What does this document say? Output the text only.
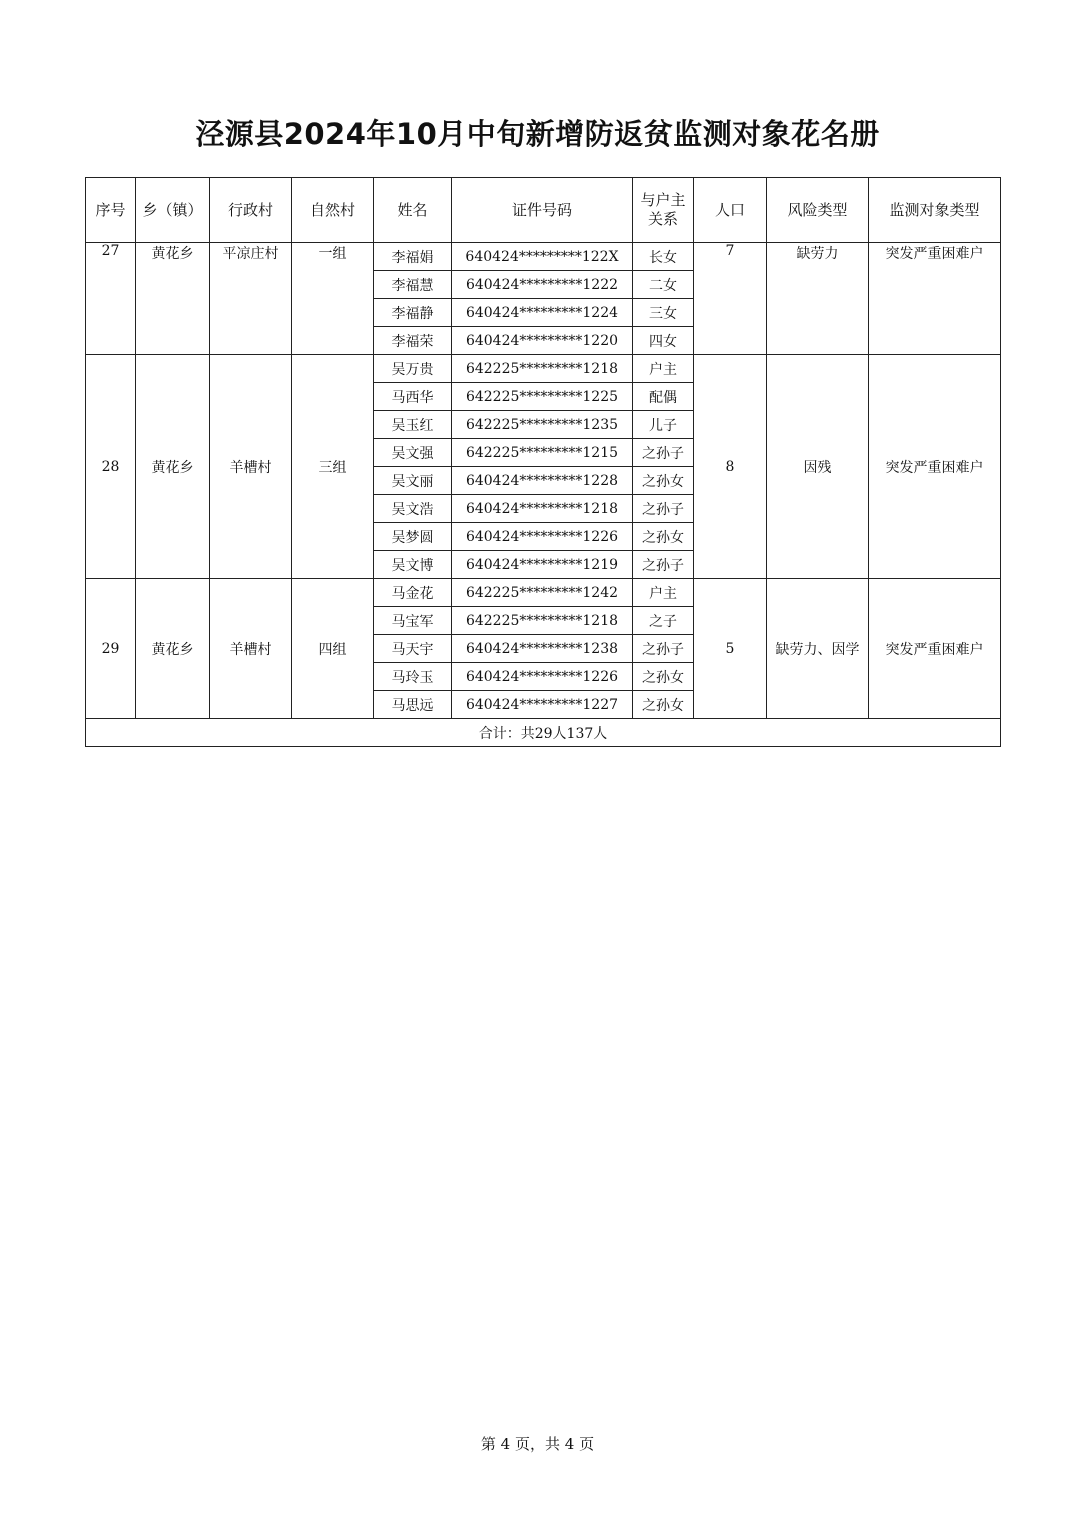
泾源县2024年10月中旬新增防返贫监测对象花名册
序号	乡（镇）	行政村	自然村	姓名	证件号码	与户主
关系	人口	风险类型	监测对象类型
27	黄花乡	平凉庄村	一组	李福娟	640424*********122X	长女	7	缺劳力	突发严重困难户
				李福慧	640424*********1222	二女			
				李福静	640424*********1224	三女			
				李福荣	640424*********1220	四女			
28	黄花乡	羊槽村	三组	吴万贵	642225*********1218	户主	8	因残	突发严重困难户
				马西华	642225*********1225	配偶			
				吴玉红	642225*********1235	儿子			
				吴文强	642225*********1215	之孙子			
				吴文丽	640424*********1228	之孙女			
				吴文浩	640424*********1218	之孙子			
				吴梦圆	640424*********1226	之孙女			
				吴文博	640424*********1219	之孙子			
29	黄花乡	羊槽村	四组	马金花	642225*********1242	户主	5	缺劳力、因学	突发严重困难户
				马宝军	642225*********1218	之子			
				马天宇	640424*********1238	之孙子			
				马玲玉	640424*********1226	之孙女			
				马思远	640424*********1227	之孙女			
合计：共29人137人									
第 4 页，共 4 页
